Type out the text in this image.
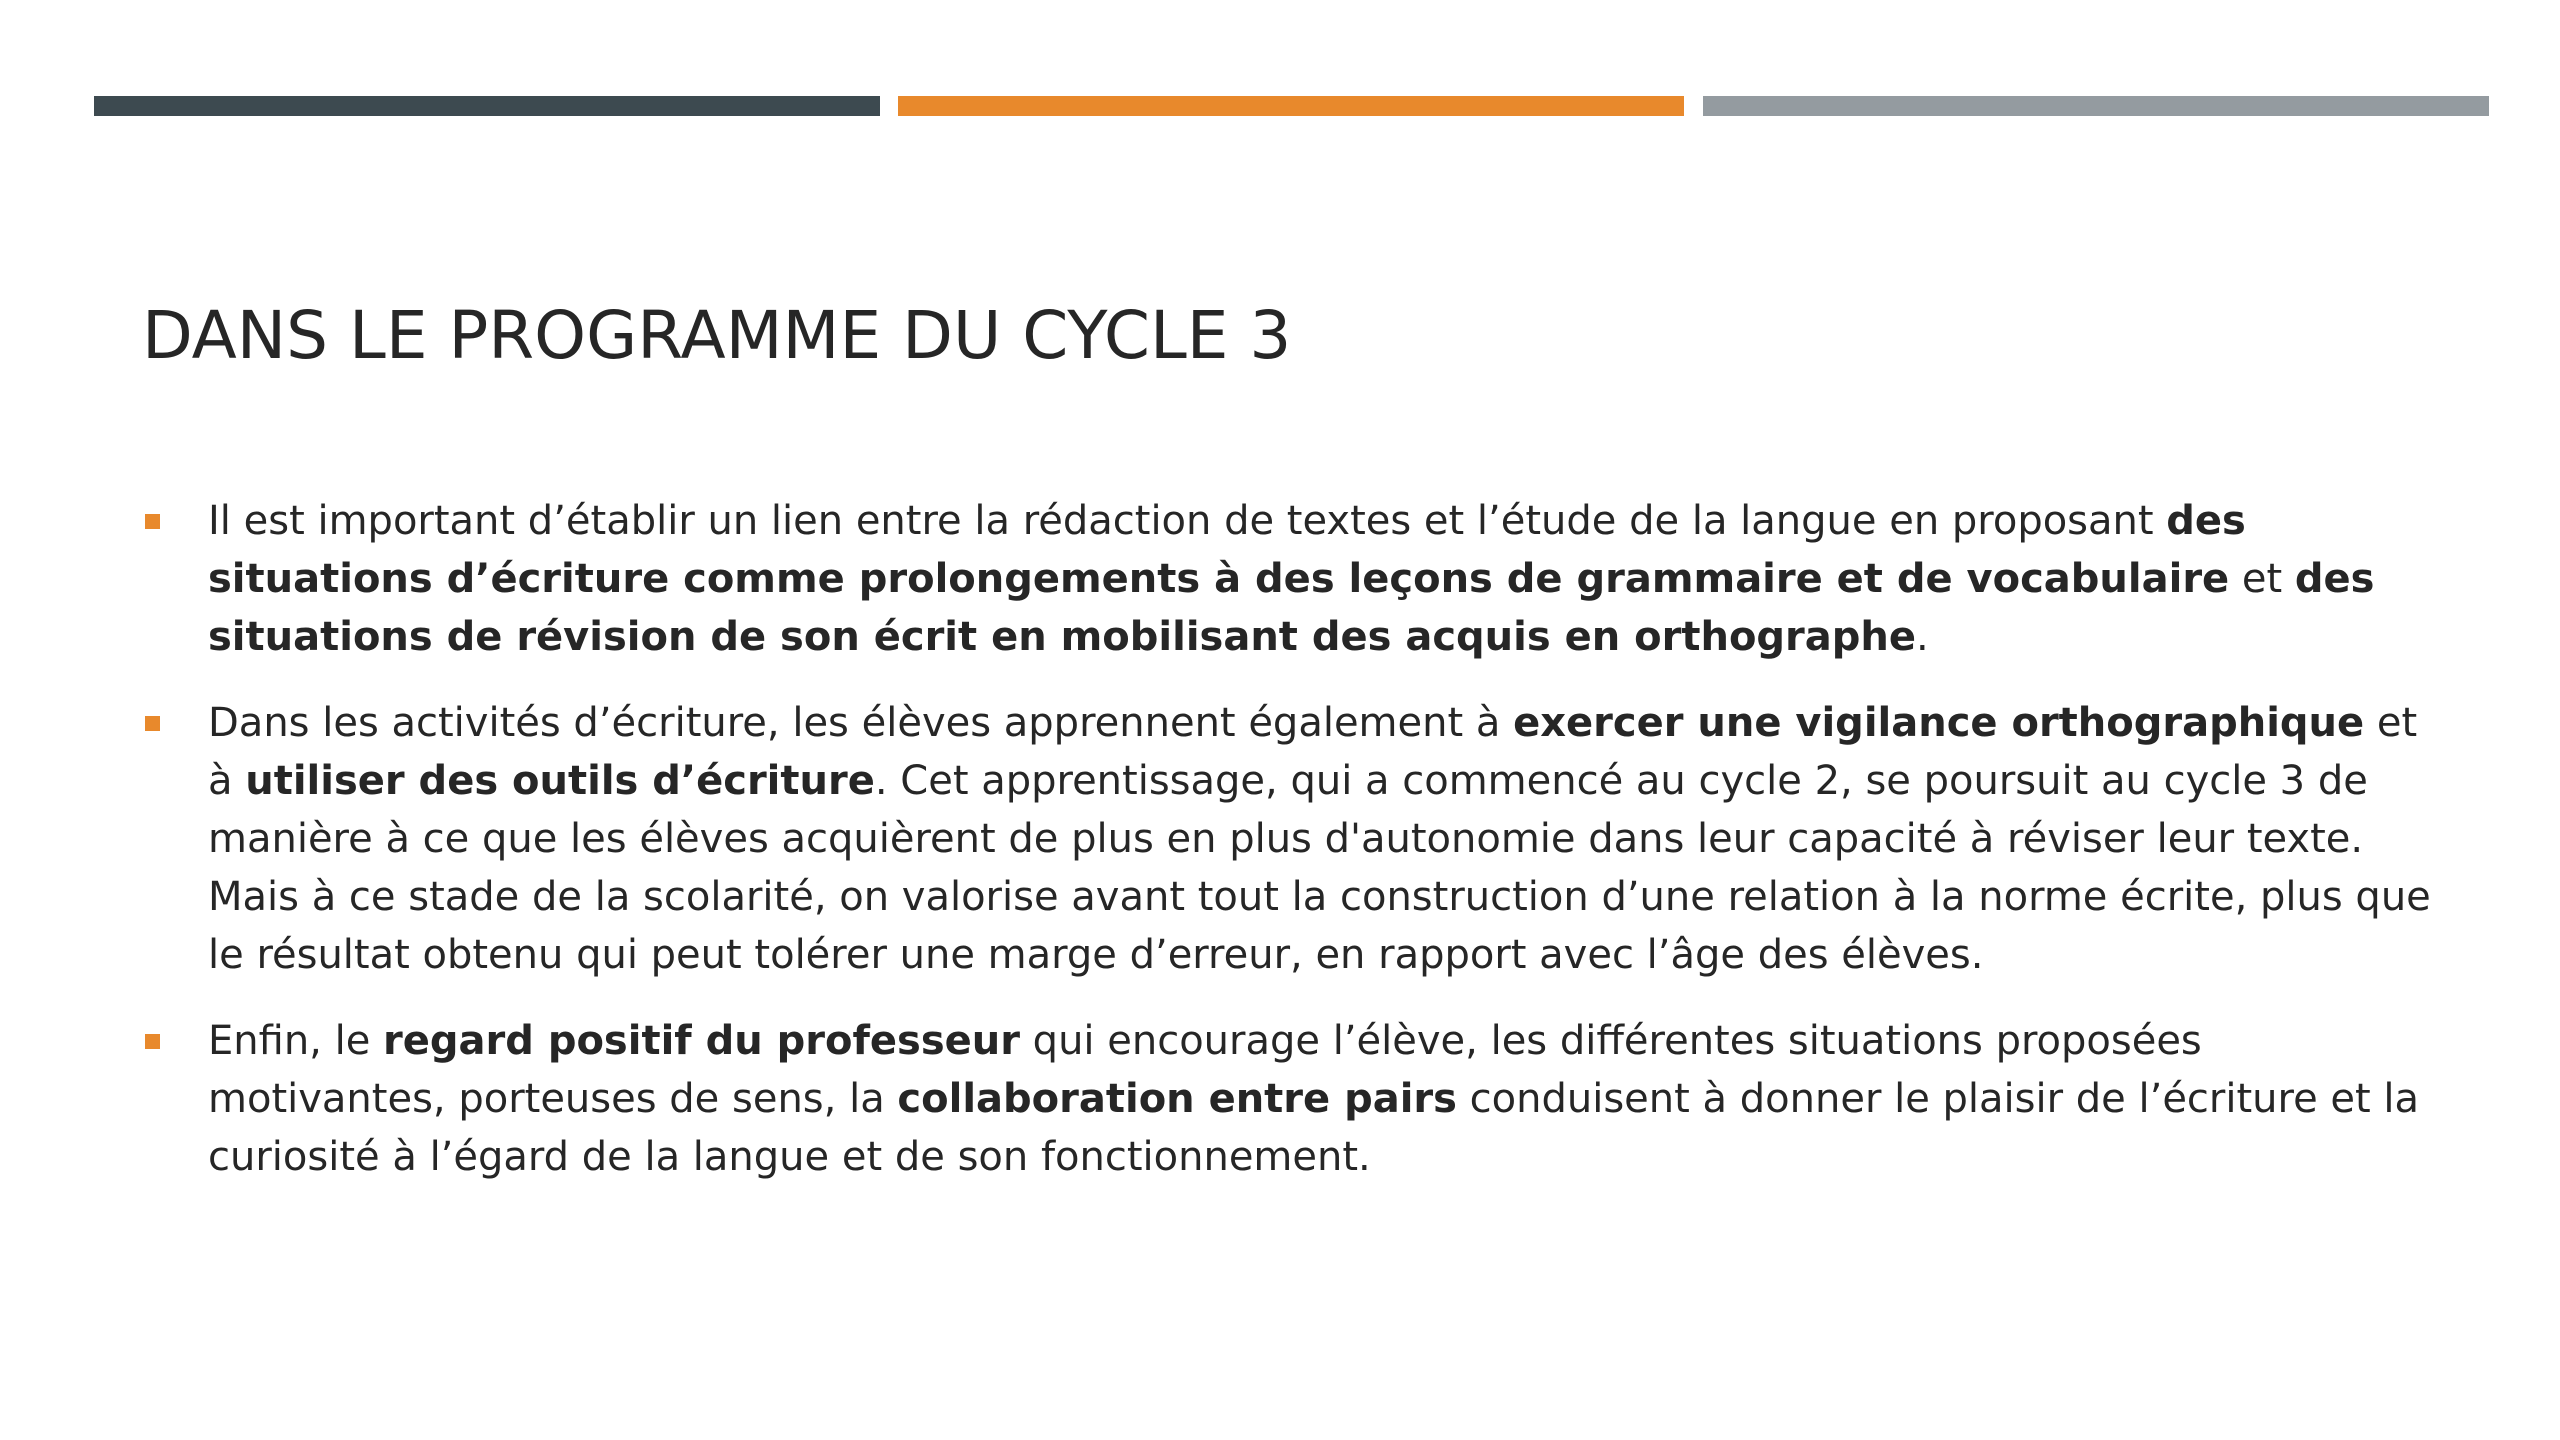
DANS LE PROGRAMME DU CYCLE 3
Il est important d’établir un lien entre la rédaction de textes et l’étude de la langue en proposant des situations d’écriture comme prolongements à des leçons de grammaire et de vocabulaire et des situations de révision de son écrit en mobilisant des acquis en orthographe.
Dans les activités d’écriture, les élèves apprennent également à exercer une vigilance orthographique et à utiliser des outils d’écriture. Cet apprentissage, qui a commencé au cycle 2, se poursuit au cycle 3 de manière à ce que les élèves acquièrent de plus en plus d'autonomie dans leur capacité à réviser leur texte. Mais à ce stade de la scolarité, on valorise avant tout la construction d’une relation à la norme écrite, plus que le résultat obtenu qui peut tolérer une marge d’erreur, en rapport avec l’âge des élèves.
Enfin, le regard positif du professeur qui encourage l’élève, les différentes situations proposées motivantes, porteuses de sens, la collaboration entre pairs conduisent à donner le plaisir de l’écriture et la curiosité à l’égard de la langue et de son fonctionnement.
